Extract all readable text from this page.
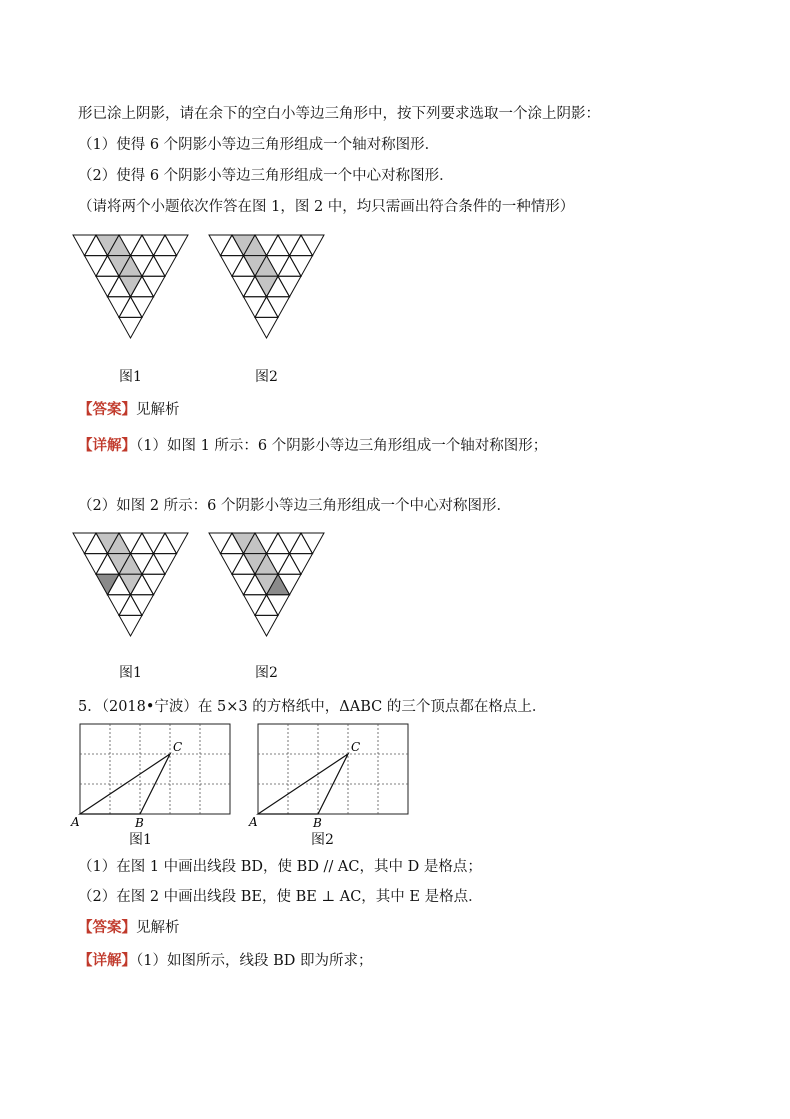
形已涂上阴影，请在余下的空白小等边三角形中，按下列要求选取一个涂上阴影：
（1）使得 6 个阴影小等边三角形组成一个轴对称图形．
（2）使得 6 个阴影小等边三角形组成一个中心对称图形．
（请将两个小题依次作答在图 1，图 2 中，均只需画出符合条件的一种情形）
图1	图2
【答案】见解析
【详解】（1）如图 1 所示：6 个阴影小等边三角形组成一个轴对称图形；
（2）如图 2 所示：6 个阴影小等边三角形组成一个中心对称图形．
图1	图2
5．（2018•宁波）在 5×3 的方格纸中，ΔABC 的三个顶点都在格点上．
A	B
C
A	B
C
图1	图2
（1）在图 1 中画出线段 BD，使 BD // AC，其中 D 是格点；
（2）在图 2 中画出线段 BE，使 BE ⊥ AC，其中 E 是格点．
【答案】见解析
【详解】（1）如图所示，线段 BD 即为所求；
